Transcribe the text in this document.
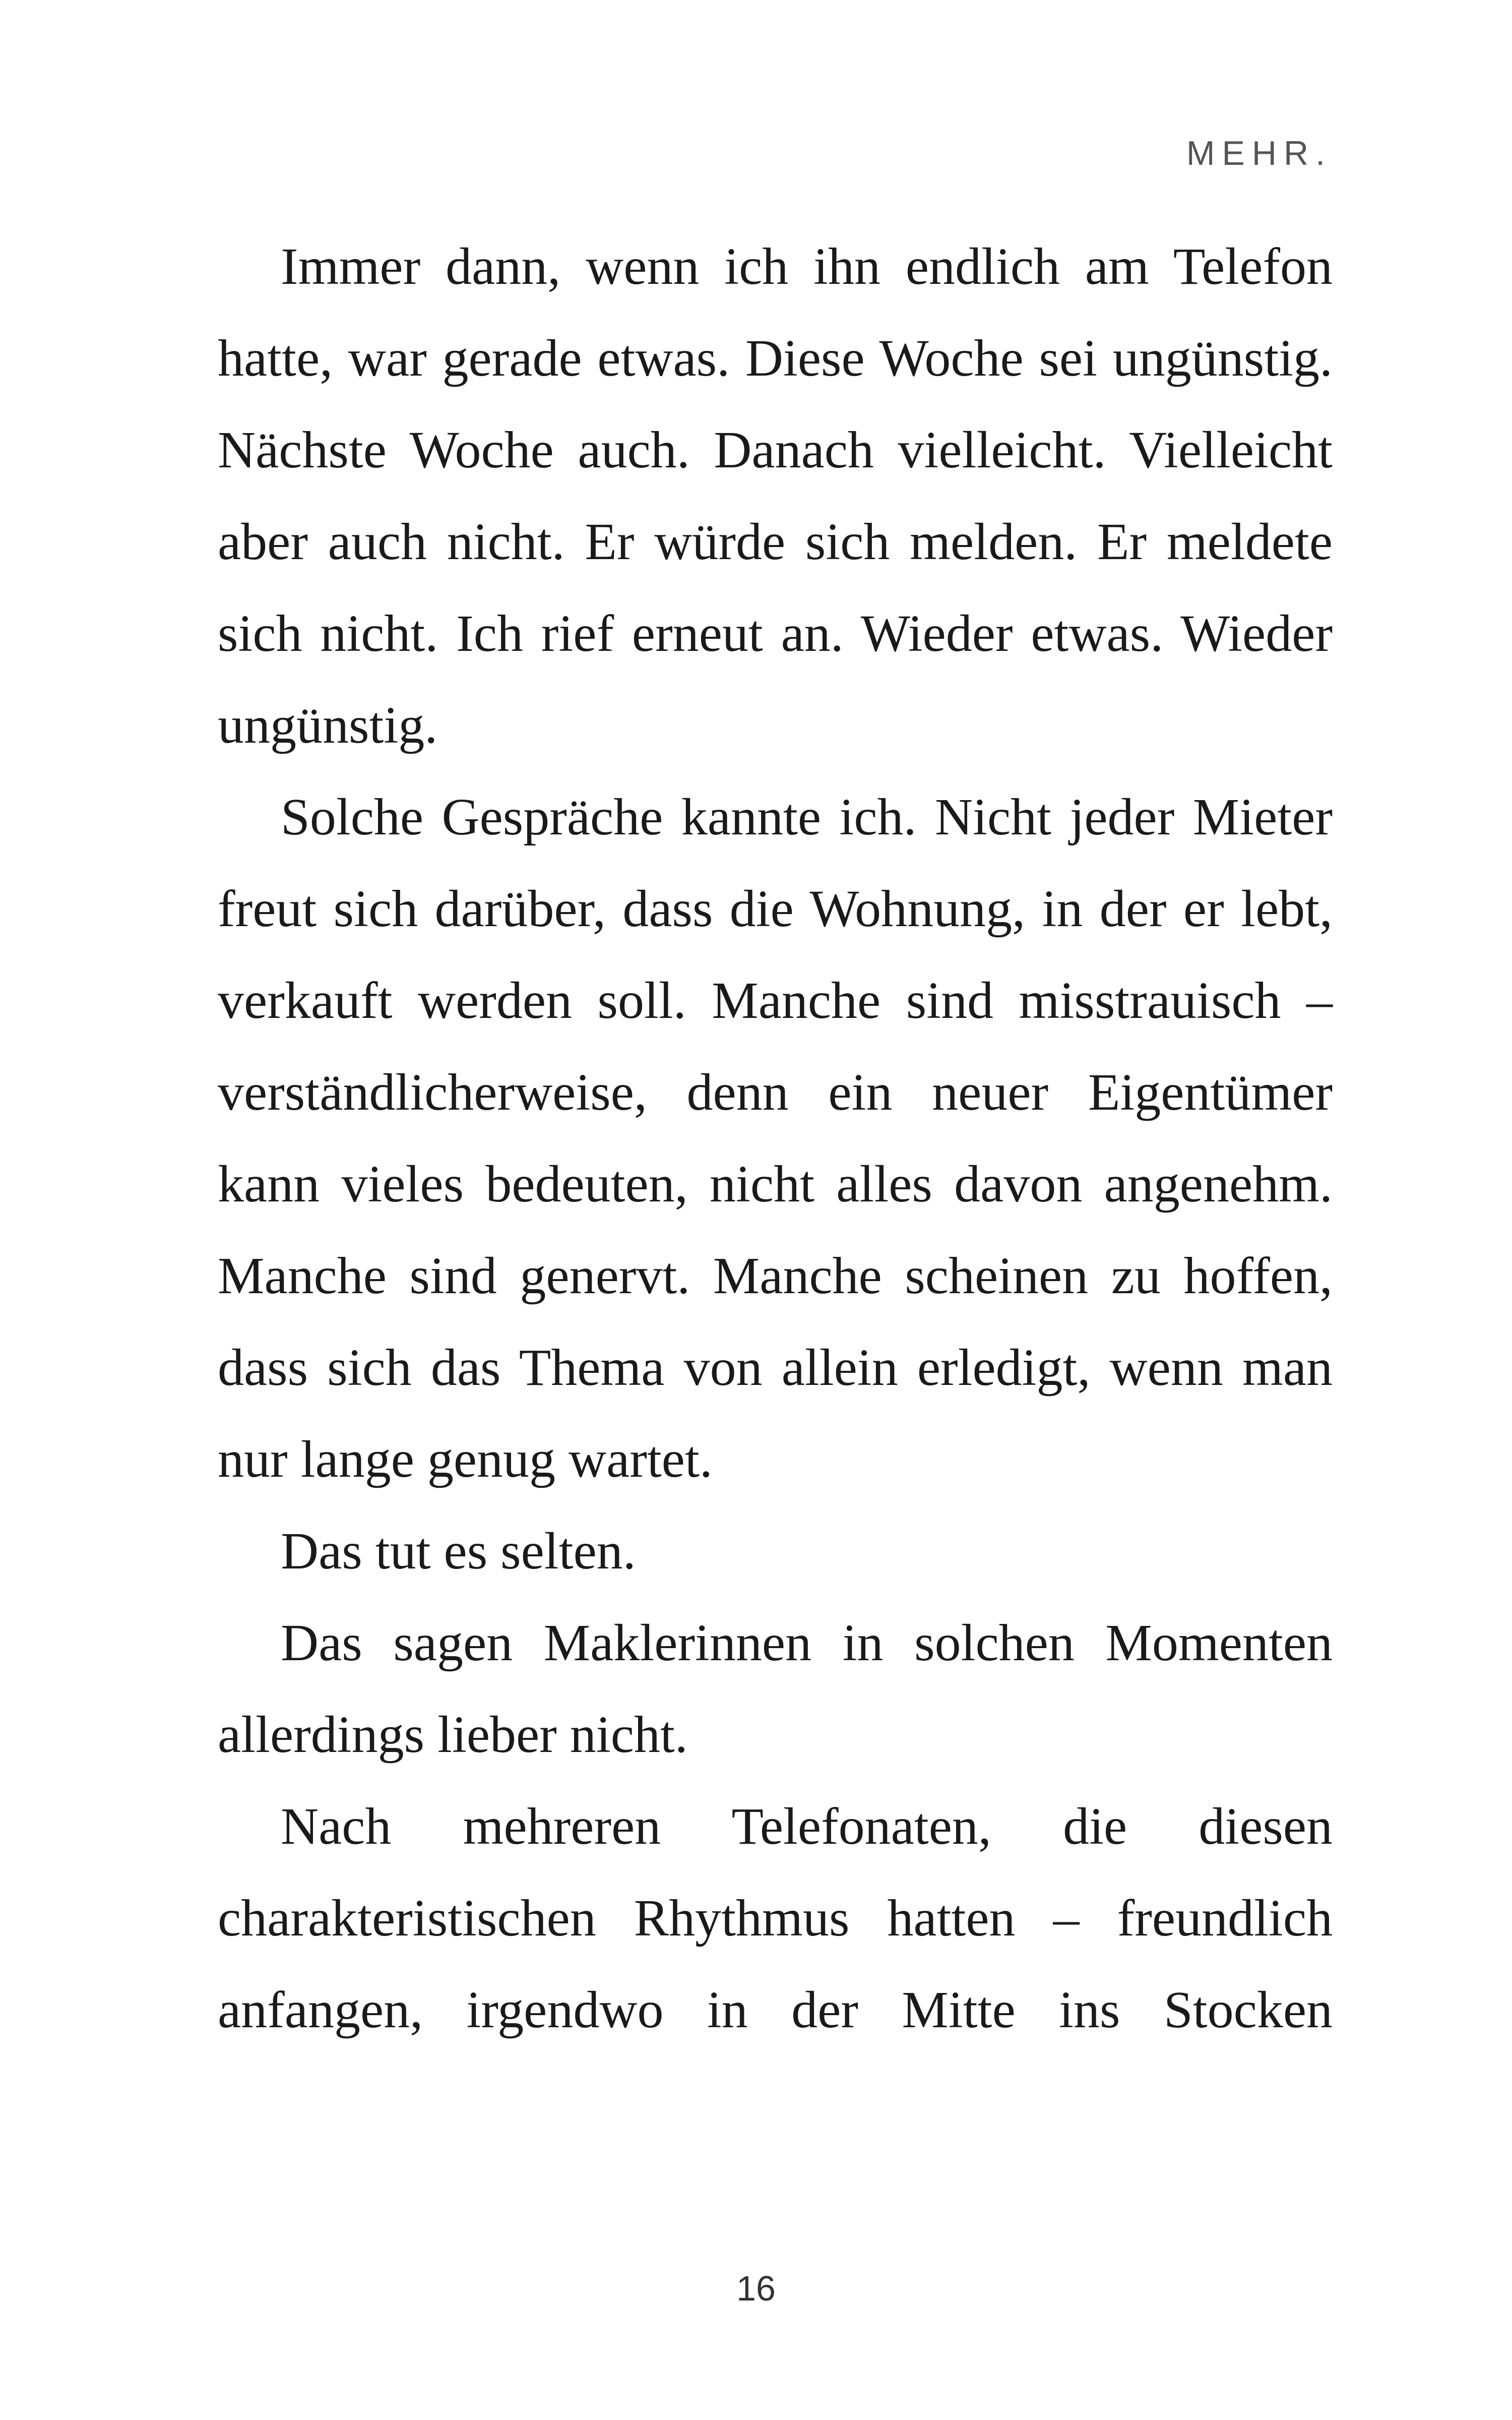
MEHR.

Immer dann, wenn ich ihn endlich am Telefon hatte, war gerade etwas. Diese Woche sei ungünstig. Nächste Woche auch. Danach vielleicht. Vielleicht aber auch nicht. Er würde sich melden. Er meldete sich nicht. Ich rief erneut an. Wieder etwas. Wieder ungünstig.

Solche Gespräche kannte ich. Nicht jeder Mieter freut sich darüber, dass die Wohnung, in der er lebt, verkauft werden soll. Manche sind misstrauisch – verständlicherweise, denn ein neuer Eigentümer kann vieles bedeuten, nicht alles davon angenehm. Manche sind genervt. Manche scheinen zu hoffen, dass sich das Thema von allein erledigt, wenn man nur lange genug wartet.

Das tut es selten.

Das sagen Maklerinnen in solchen Momenten allerdings lieber nicht.

Nach mehreren Telefonaten, die diesen charakteristischen Rhythmus hatten – freundlich anfangen, irgendwo in der Mitte ins Stocken

16
